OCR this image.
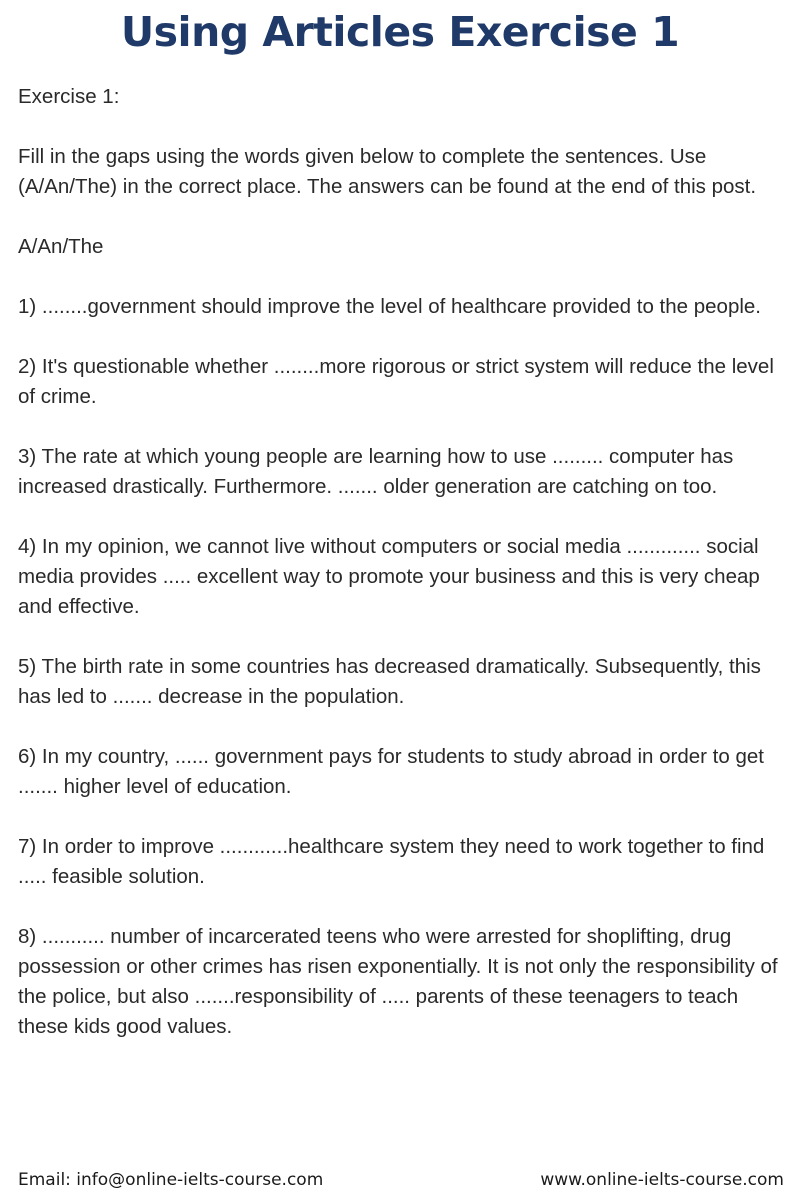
Using Articles Exercise 1

Exercise 1:

Fill in the gaps using the words given below to complete the sentences. Use (A/An/The) in the correct place. The answers can be found at the end of this post.

A/An/The

1) ........government should improve the level of healthcare provided to the people.

2) It's questionable whether ........more rigorous or strict system will reduce the level of crime.

3) The rate at which young people are learning how to use ......... computer has increased drastically. Furthermore. ....... older generation are catching on too.

4) In my opinion, we cannot live without computers or social media ............. social media provides ..... excellent way to promote your business and this is very cheap and effective.

5) The birth rate in some countries has decreased dramatically. Subsequently, this has led to ....... decrease in the population.

6) In my country, ...... government pays for students to study abroad in order to get ....... higher level of education.

7) In order to improve ............healthcare system they need to work together to find ..... feasible solution.

8) ........... number of incarcerated teens who were arrested for shoplifting, drug possession or other crimes has risen exponentially. It is not only the responsibility of the police, but also .......responsibility of ..... parents of these teenagers to teach these kids good values.

Email: info@online-ielts-course.com	www.online-ielts-course.com
